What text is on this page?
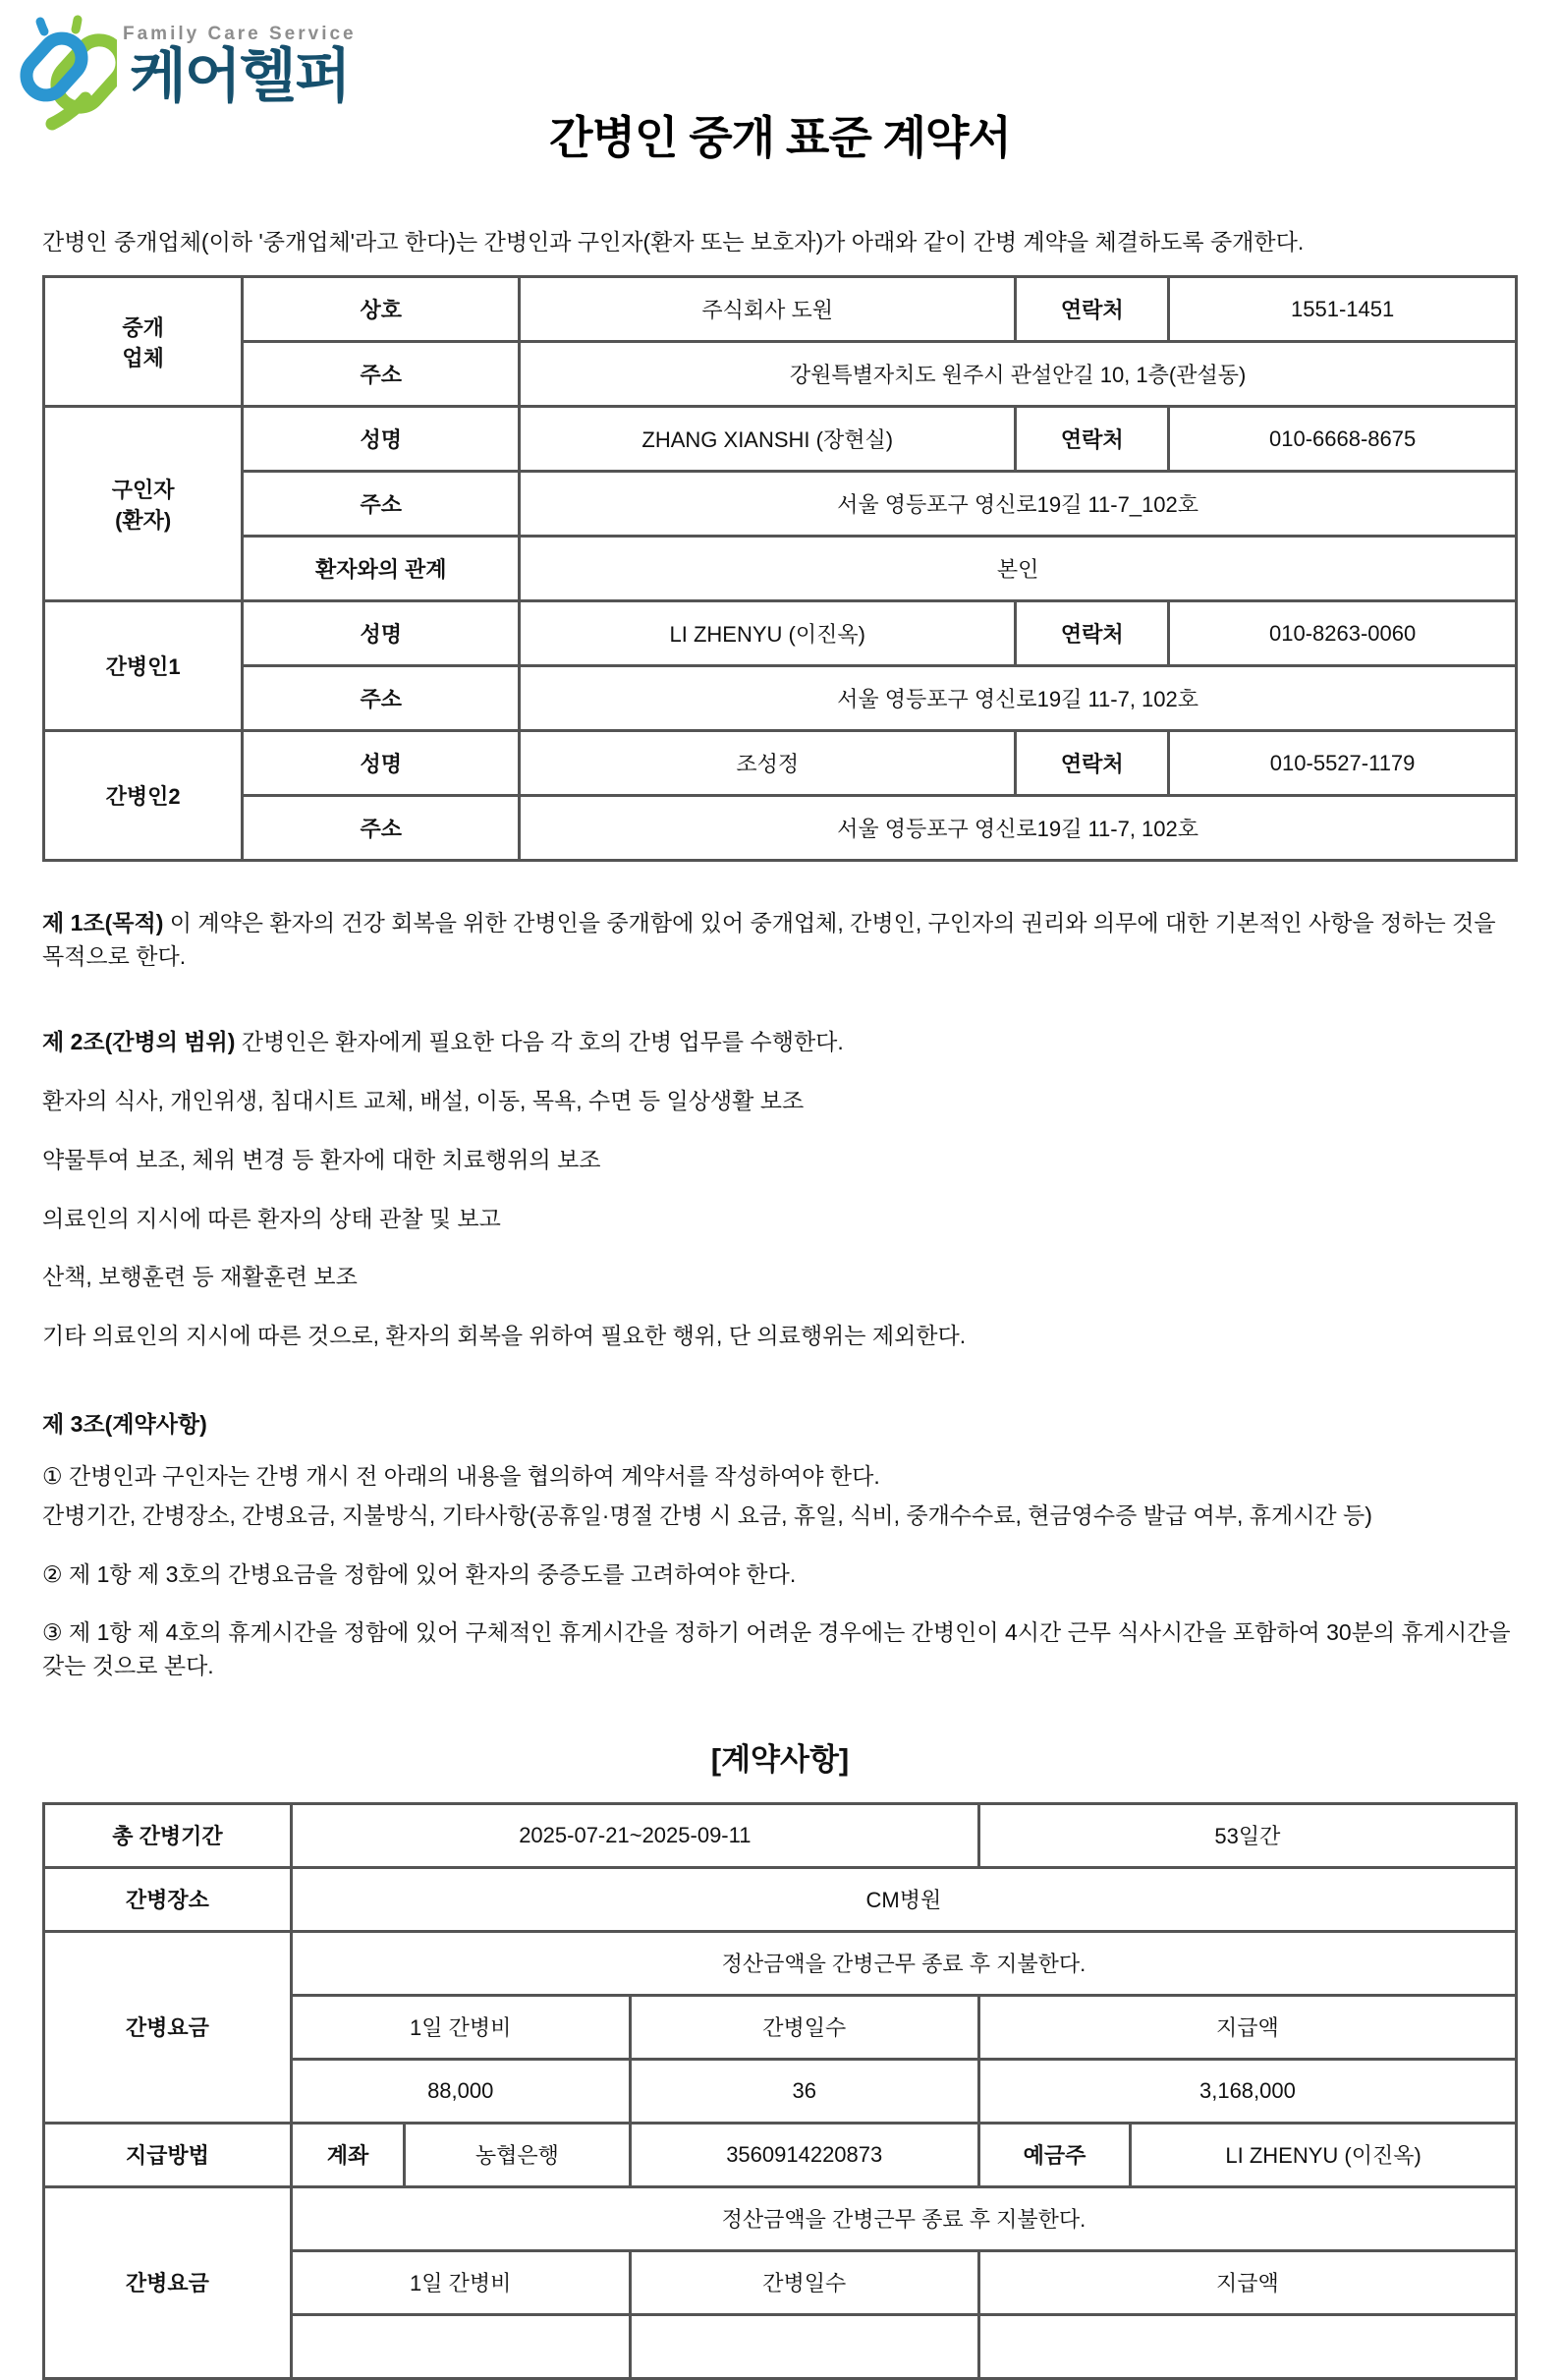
Family Care Service
케어헬퍼
간병인 중개 표준 계약서

간병인 중개업체(이하 '중개업체'라고 한다)는 간병인과 구인자(환자 또는 보호자)가 아래와 같이 간병 계약을 체결하도록 중개한다.

중개
업체	상호	주식회사 도원	연락처	1551-1451
	주소	강원특별자치도 원주시 관설안길 10, 1층(관설동)		
구인자
(환자)	성명	ZHANG XIANSHI (장현실)	연락처	010-6668-8675
	주소	서울 영등포구 영신로19길 11-7_102호		
	환자와의 관계	본인		
간병인1	성명	LI ZHENYU (이진옥)	연락처	010-8263-0060
	주소	서울 영등포구 영신로19길 11-7, 102호		
간병인2	성명	조성정	연락처	010-5527-1179
	주소	서울 영등포구 영신로19길 11-7, 102호		

제 1조(목적) 이 계약은 환자의 건강 회복을 위한 간병인을 중개함에 있어 중개업체, 간병인, 구인자의 권리와 의무에 대한 기본적인 사항을 정하는 것을 목적으로 한다.

제 2조(간병의 범위) 간병인은 환자에게 필요한 다음 각 호의 간병 업무를 수행한다.

환자의 식사, 개인위생, 침대시트 교체, 배설, 이동, 목욕, 수면 등 일상생활 보조

약물투여 보조, 체위 변경 등 환자에 대한 치료행위의 보조

의료인의 지시에 따른 환자의 상태 관찰 및 보고

산책, 보행훈련 등 재활훈련 보조

기타 의료인의 지시에 따른 것으로, 환자의 회복을 위하여 필요한 행위, 단 의료행위는 제외한다.

제 3조(계약사항)

① 간병인과 구인자는 간병 개시 전 아래의 내용을 협의하여 계약서를 작성하여야 한다.

간병기간, 간병장소, 간병요금, 지불방식, 기타사항(공휴일·명절 간병 시 요금, 휴일, 식비, 중개수수료, 현금영수증 발급 여부, 휴게시간 등)

② 제 1항 제 3호의 간병요금을 정함에 있어 환자의 중증도를 고려하여야 한다.

③ 제 1항 제 4호의 휴게시간을 정함에 있어 구체적인 휴게시간을 정하기 어려운 경우에는 간병인이 4시간 근무 식사시간을 포함하여 30분의 휴게시간을 갖는 것으로 본다.

[계약사항]

총 간병기간	2025-07-21~2025-09-11			53일간	
간병장소	CM병원				
간병요금	정산금액을 간병근무 종료 후 지불한다.				
	1일 간병비		간병일수	지급액	
	88,000		36	3,168,000	
지급방법	계좌	농협은행	3560914220873	예금주	LI ZHENYU (이진옥)
간병요금	정산금액을 간병근무 종료 후 지불한다.				
	1일 간병비		간병일수	지급액	
